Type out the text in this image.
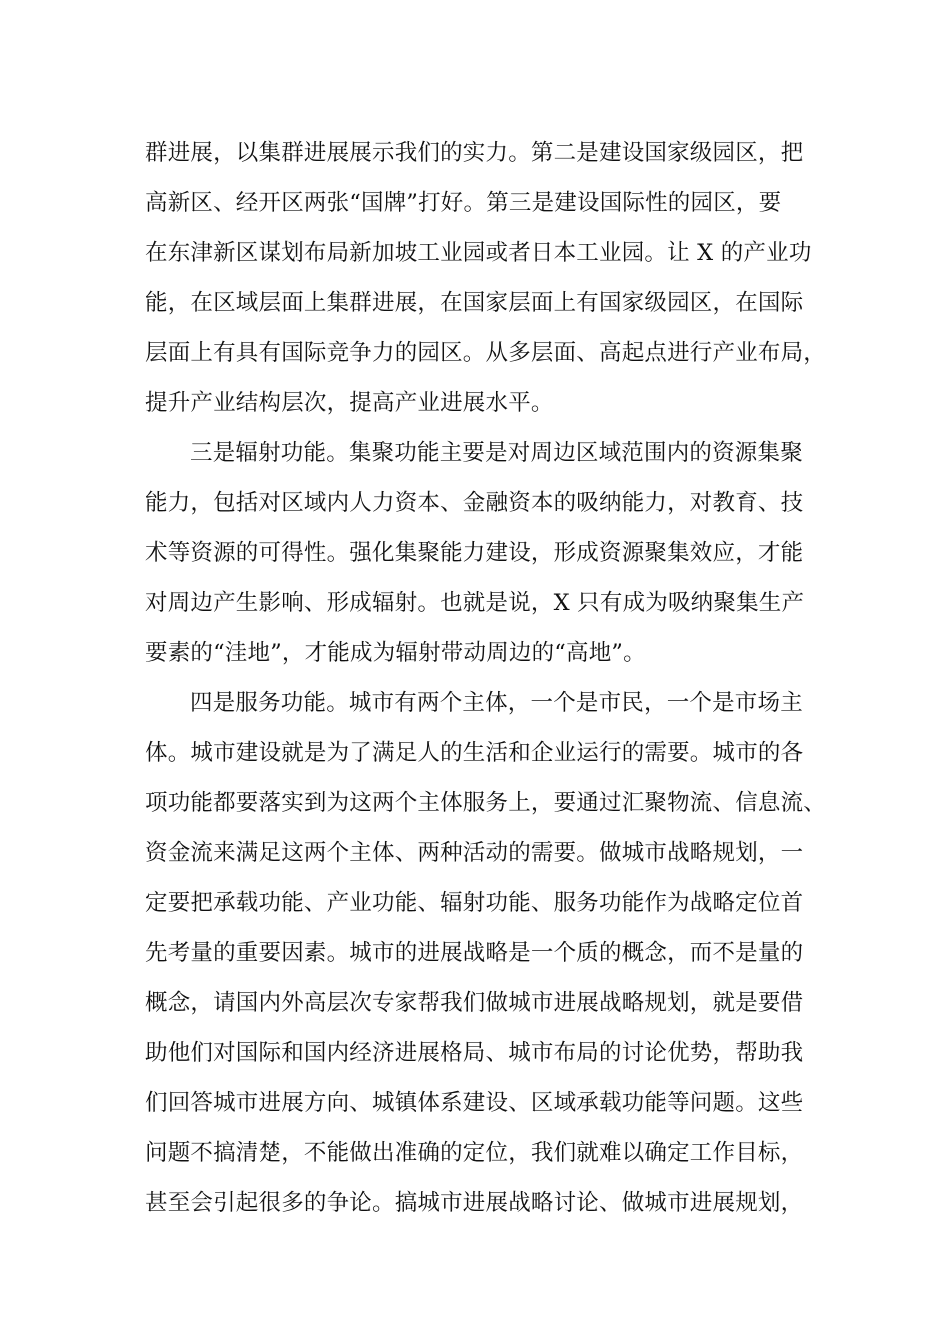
群进展，以集群进展展示我们的实力。第二是建设国家级园区，把
高新区、经开区两张“国牌”打好。第三是建设国际性的园区，要
在东津新区谋划布局新加坡工业园或者日本工业园。让 X 的产业功
能，在区域层面上集群进展，在国家层面上有国家级园区，在国际
层面上有具有国际竞争力的园区。从多层面、高起点进行产业布局，
提升产业结构层次，提高产业进展水平。
三是辐射功能。集聚功能主要是对周边区域范围内的资源集聚
能力，包括对区域内人力资本、金融资本的吸纳能力，对教育、技
术等资源的可得性。强化集聚能力建设，形成资源聚集效应，才能
对周边产生影响、形成辐射。也就是说，X 只有成为吸纳聚集生产
要素的“洼地”，才能成为辐射带动周边的“高地”。
四是服务功能。城市有两个主体，一个是市民，一个是市场主
体。城市建设就是为了满足人的生活和企业运行的需要。城市的各
项功能都要落实到为这两个主体服务上，要通过汇聚物流、信息流、
资金流来满足这两个主体、两种活动的需要。做城市战略规划，一
定要把承载功能、产业功能、辐射功能、服务功能作为战略定位首
先考量的重要因素。城市的进展战略是一个质的概念，而不是量的
概念，请国内外高层次专家帮我们做城市进展战略规划，就是要借
助他们对国际和国内经济进展格局、城市布局的讨论优势，帮助我
们回答城市进展方向、城镇体系建设、区域承载功能等问题。这些
问题不搞清楚，不能做出准确的定位，我们就难以确定工作目标，
甚至会引起很多的争论。搞城市进展战略讨论、做城市进展规划，
